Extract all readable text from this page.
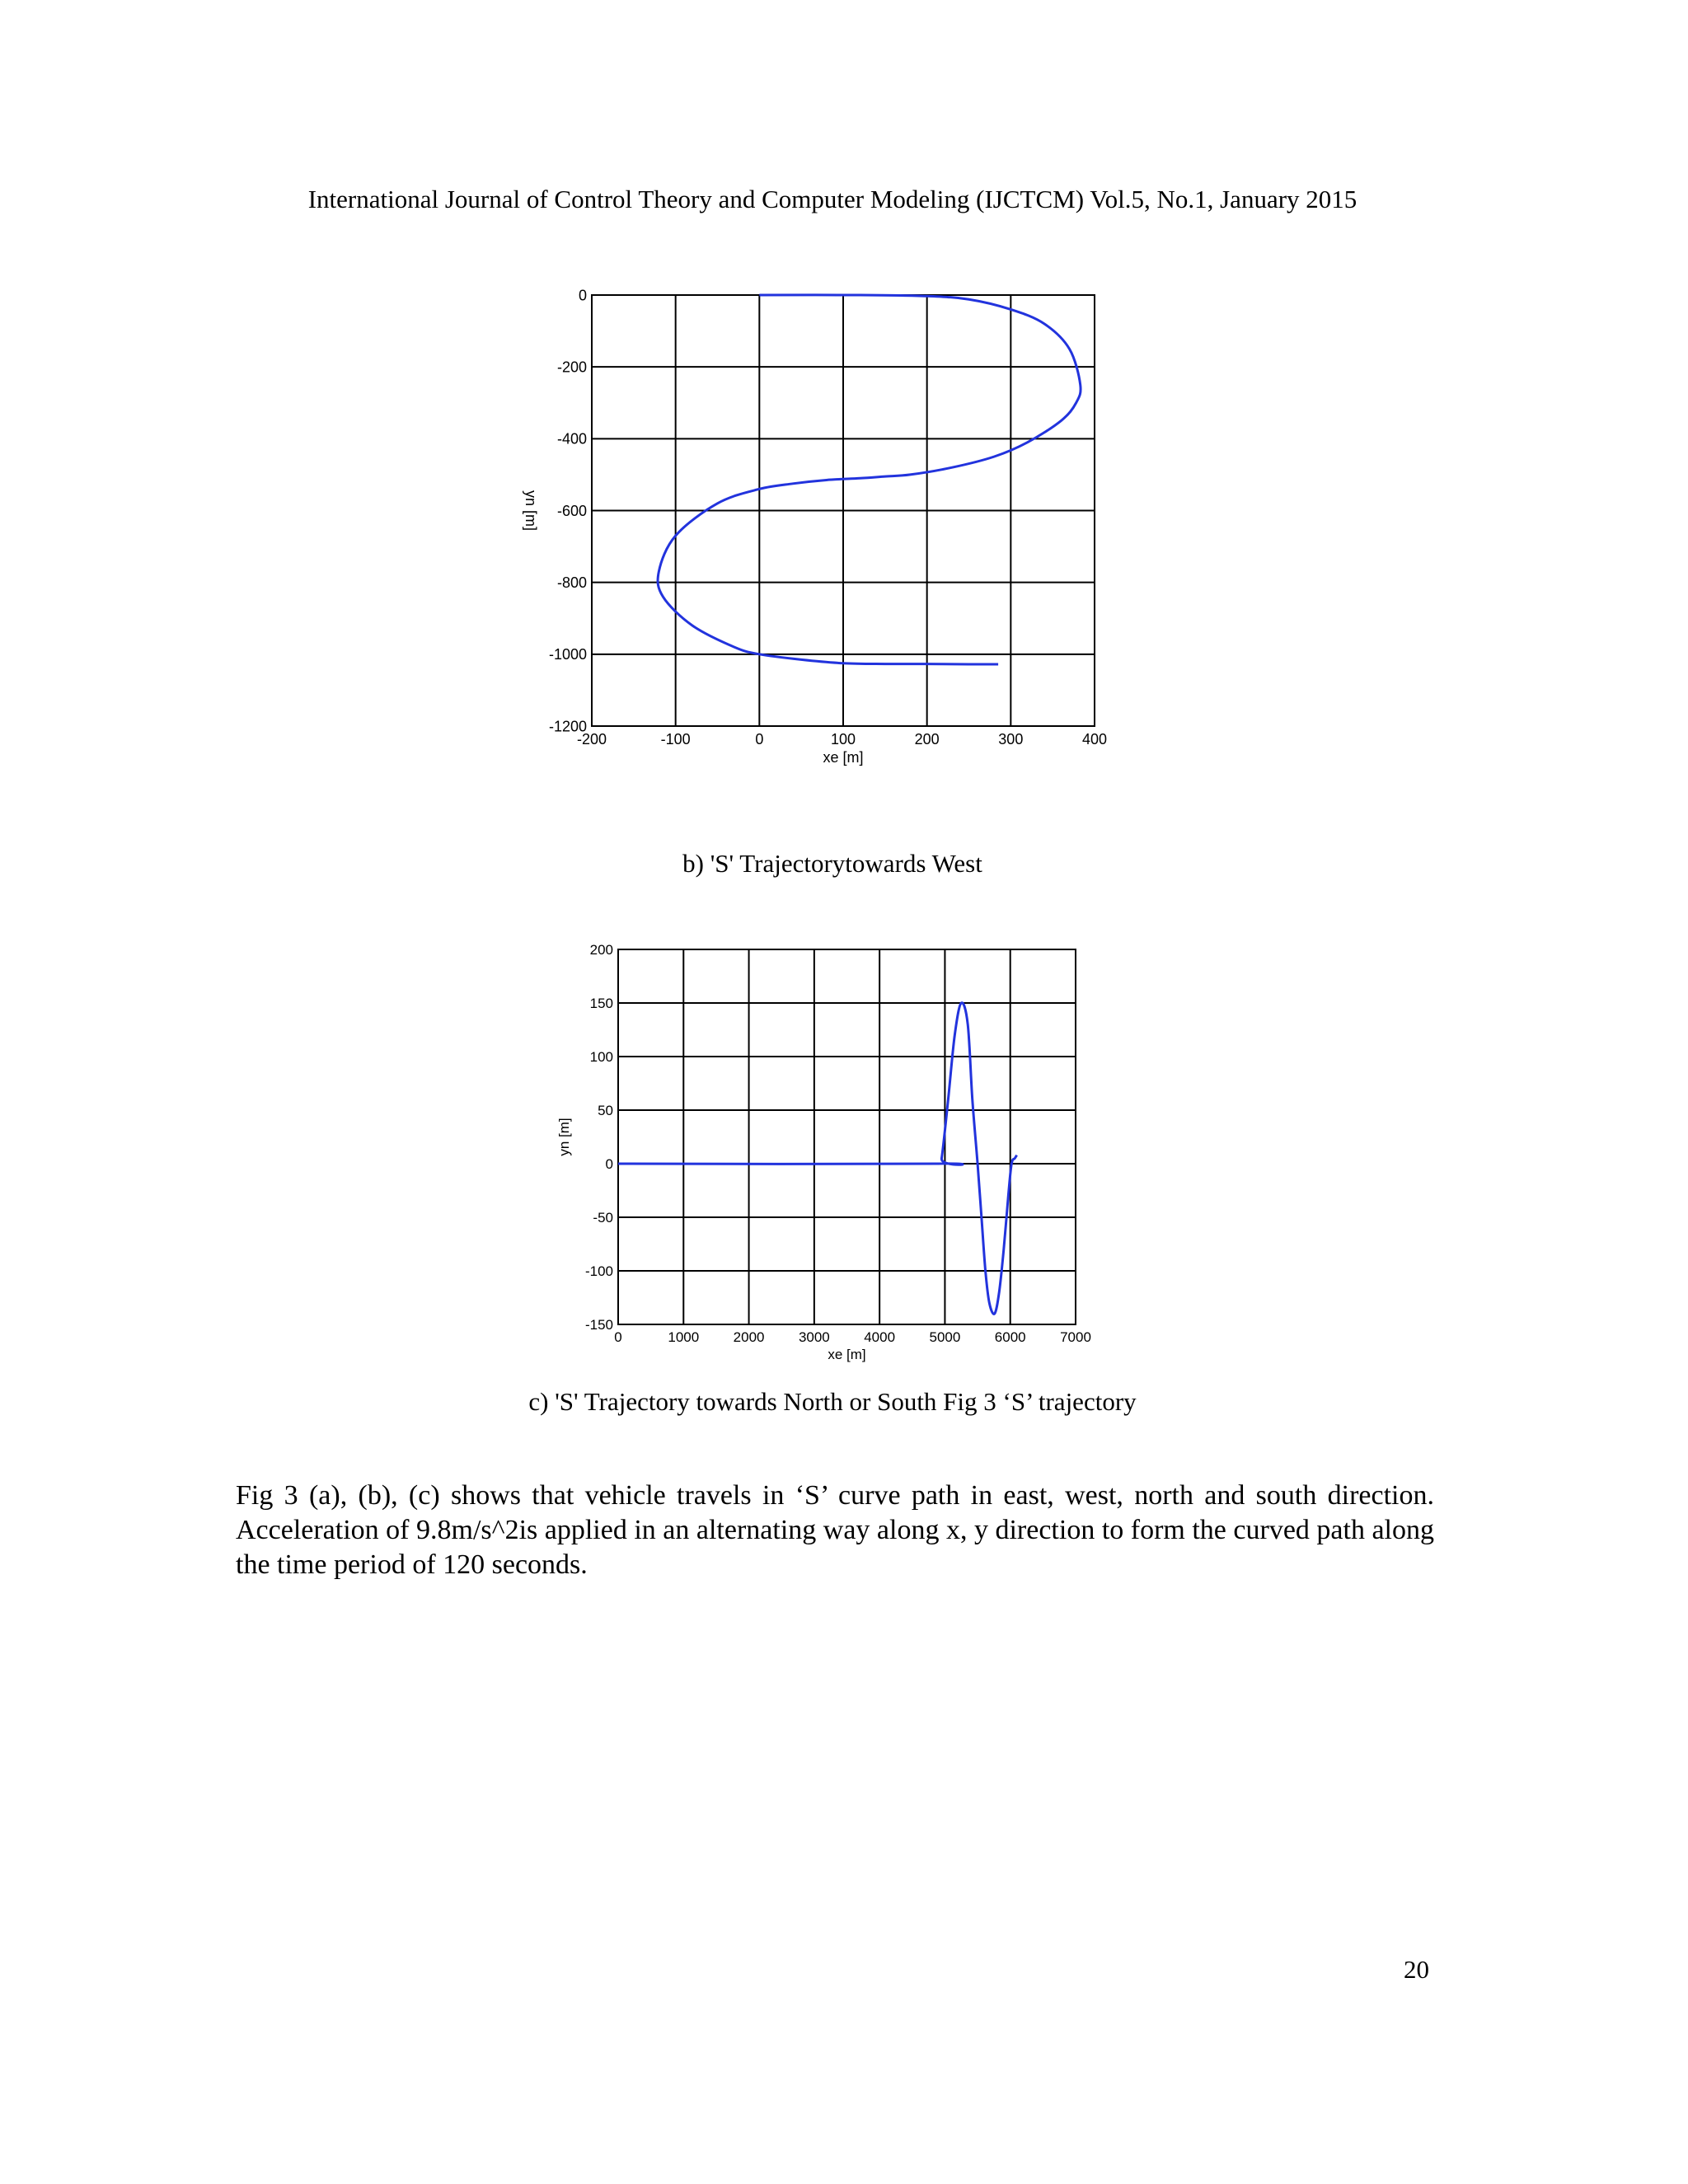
International Journal of Control Theory and Computer Modeling (IJCTCM) Vol.5, No.1, January 2015
-200	-100	0	100	200	300	400
0
-200
-400
-600
-800
-1000
-1200
xe [m]
yn [m]
b) 'S' Trajectorytowards West
0	1000 2000 3000 4000 5000 6000 7000
200
150
100
50
0
-50
-100
-150
xe [m]
yn [m]
c) 'S' Trajectory towards North or South Fig 3 ‘S’ trajectory

Fig 3 (a), (b), (c) shows that vehicle travels in ‘S’ curve path in east, west, north and south direction. Acceleration of 9.8m/s^2is applied in an alternating way along x, y direction to form the curved path along the time period of 120 seconds.

20
